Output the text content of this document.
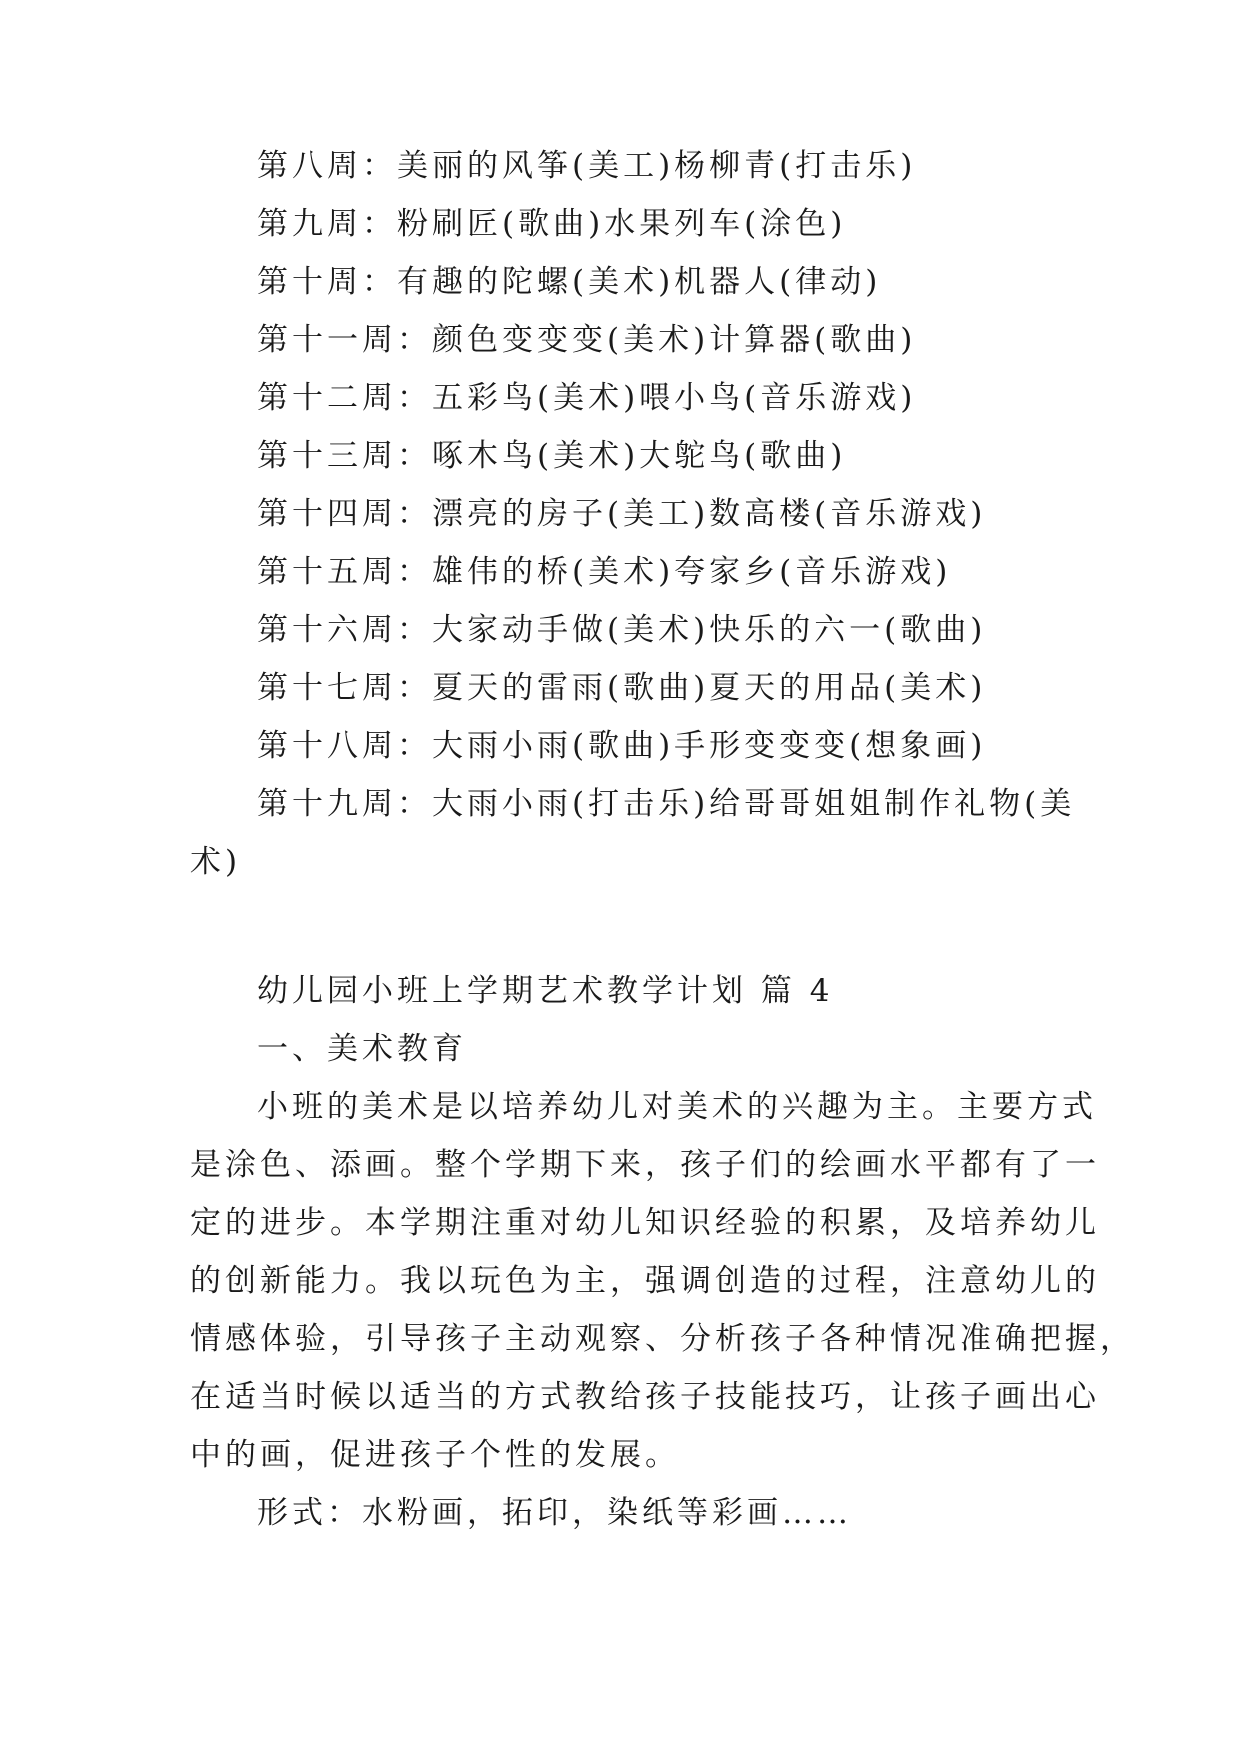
第八周：美丽的风筝(美工)杨柳青(打击乐)

第九周：粉刷匠(歌曲)水果列车(涂色)

第十周：有趣的陀螺(美术)机器人(律动)

第十一周：颜色变变变(美术)计算器(歌曲)

第十二周：五彩鸟(美术)喂小鸟(音乐游戏)

第十三周：啄木鸟(美术)大鸵鸟(歌曲)

第十四周：漂亮的房子(美工)数高楼(音乐游戏)

第十五周：雄伟的桥(美术)夸家乡(音乐游戏)

第十六周：大家动手做(美术)快乐的六一(歌曲)

第十七周：夏天的雷雨(歌曲)夏天的用品(美术)

第十八周：大雨小雨(歌曲)手形变变变(想象画)

第十九周：大雨小雨(打击乐)给哥哥姐姐制作礼物(美

术)

幼儿园小班上学期艺术教学计划 篇 4

一、美术教育

小班的美术是以培养幼儿对美术的兴趣为主。主要方式

是涂色、添画。整个学期下来，孩子们的绘画水平都有了一

定的进步。本学期注重对幼儿知识经验的积累，及培养幼儿

的创新能力。我以玩色为主，强调创造的过程，注意幼儿的

情感体验，引导孩子主动观察、分析孩子各种情况准确把握，

在适当时候以适当的方式教给孩子技能技巧，让孩子画出心

中的画，促进孩子个性的发展。

形式：水粉画，拓印，染纸等彩画……
